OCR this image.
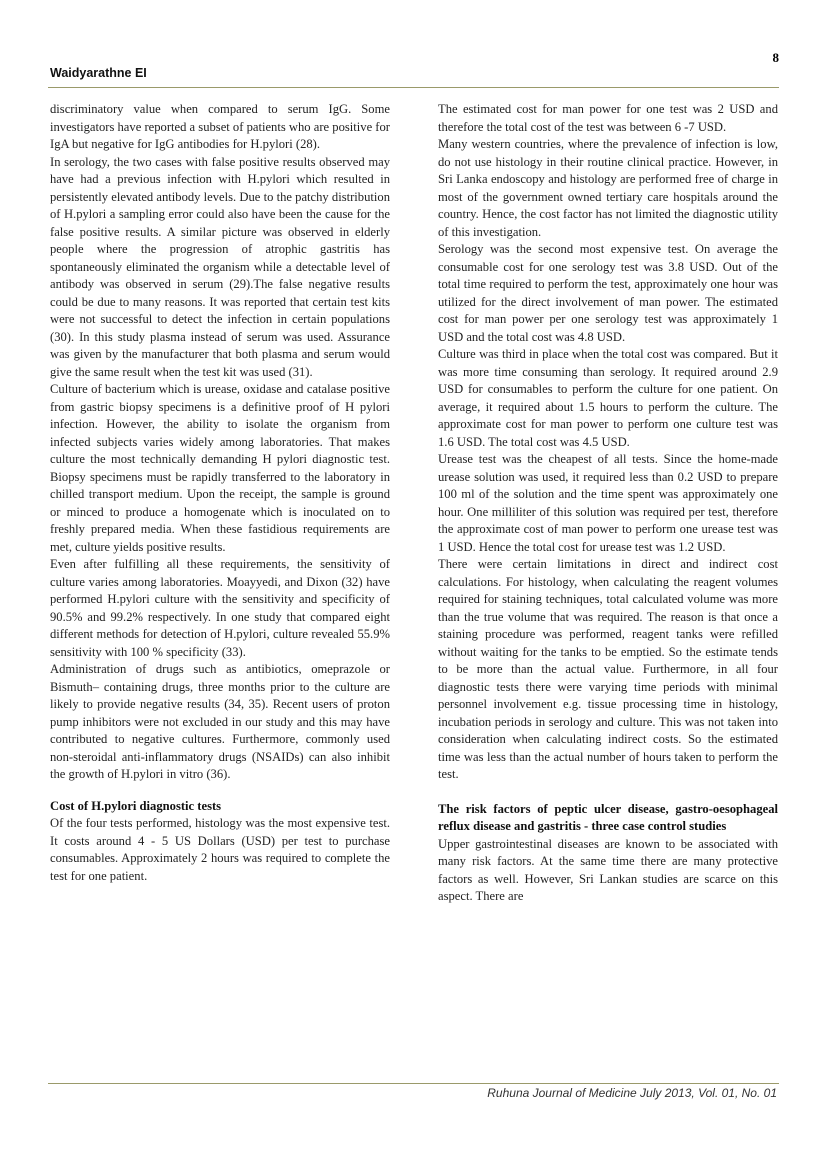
8
Waidyarathne EI

discriminatory value when compared to serum IgG. Some investigators have reported a subset of patients who are positive for IgA but negative for IgG antibodies for H.pylori (28).

In serology, the two cases with false positive results observed may have had a previous infection with H.pylori which resulted in persistently elevated antibody levels. Due to the patchy distribution of H.pylori a sampling error could also have been the cause for the false positive results. A similar picture was observed in elderly people where the progression of atrophic gastritis has spontaneously eliminated the organism while a detectable level of antibody was observed in serum (29).The false negative results could be due to many reasons. It was reported that certain test kits were not successful to detect the infection in certain populations (30). In this study plasma instead of serum was used. Assurance was given by the manufacturer that both plasma and serum would give the same result when the test kit was used (31).

Culture of bacterium which is urease, oxidase and catalase positive from gastric biopsy specimens is a definitive proof of H pylori infection. However, the ability to isolate the organism from infected subjects varies widely among laboratories. That makes culture the most technically demanding H pylori diagnostic test. Biopsy specimens must be rapidly transferred to the laboratory in chilled transport medium. Upon the receipt, the sample is ground or minced to produce a homogenate which is inoculated on to freshly prepared media. When these fastidious requirements are met, culture yields positive results.

Even after fulfilling all these requirements, the sensitivity of culture varies among laboratories. Moayyedi, and Dixon (32) have performed H.pylori culture with the sensitivity and specificity of 90.5% and 99.2% respectively. In one study that compared eight different methods for detection of H.pylori, culture revealed 55.9% sensitivity with 100 % specificity (33).

Administration of drugs such as antibiotics, omeprazole or Bismuth– containing drugs, three months prior to the culture are likely to provide negative results (34, 35). Recent users of proton pump inhibitors were not excluded in our study and this may have contributed to negative cultures. Furthermore, commonly used non-steroidal anti-inflammatory drugs (NSAIDs) can also inhibit the growth of H.pylori in vitro (36).

Cost of H.pylori diagnostic tests

Of the four tests performed, histology was the most expensive test. It costs around 4 - 5 US Dollars (USD) per test to purchase consumables. Approximately 2 hours was required to complete the test for one patient.

The estimated cost for man power for one test was 2 USD and therefore the total cost of the test was between 6 -7 USD.

Many western countries, where the prevalence of infection is low, do not use histology in their routine clinical practice. However, in Sri Lanka endoscopy and histology are performed free of charge in most of the government owned tertiary care hospitals around the country. Hence, the cost factor has not limited the diagnostic utility of this investigation.

Serology was the second most expensive test. On average the consumable cost for one serology test was 3.8 USD. Out of the total time required to perform the test, approximately one hour was utilized for the direct involvement of man power. The estimated cost for man power per one serology test was approximately 1 USD and the total cost was 4.8 USD.

Culture was third in place when the total cost was compared. But it was more time consuming than serology. It required around 2.9 USD for consumables to perform the culture for one patient. On average, it required about 1.5 hours to perform the culture. The approximate cost for man power to perform one culture test was 1.6 USD. The total cost was 4.5 USD.

Urease test was the cheapest of all tests. Since the home-made urease solution was used, it required less than 0.2 USD to prepare 100 ml of the solution and the time spent was approximately one hour. One milliliter of this solution was required per test, therefore the approximate cost of man power to perform one urease test was 1 USD. Hence the total cost for urease test was 1.2 USD.

There were certain limitations in direct and indirect cost calculations. For histology, when calculating the reagent volumes required for staining techniques, total calculated volume was more than the true volume that was required. The reason is that once a staining procedure was performed, reagent tanks were refilled without waiting for the tanks to be emptied. So the estimate tends to be more than the actual value. Furthermore, in all four diagnostic tests there were varying time periods with minimal personnel involvement e.g. tissue processing time in histology, incubation periods in serology and culture. This was not taken into consideration when calculating indirect costs. So the estimated time was less than the actual number of hours taken to perform the test.

The risk factors of peptic ulcer disease, gastro-oesophageal reflux disease and gastritis - three case control studies

Upper gastrointestinal diseases are known to be associated with many risk factors. At the same time there are many protective factors as well. However, Sri Lankan studies are scarce on this aspect. There are

Ruhuna Journal of Medicine July 2013, Vol. 01, No. 01
